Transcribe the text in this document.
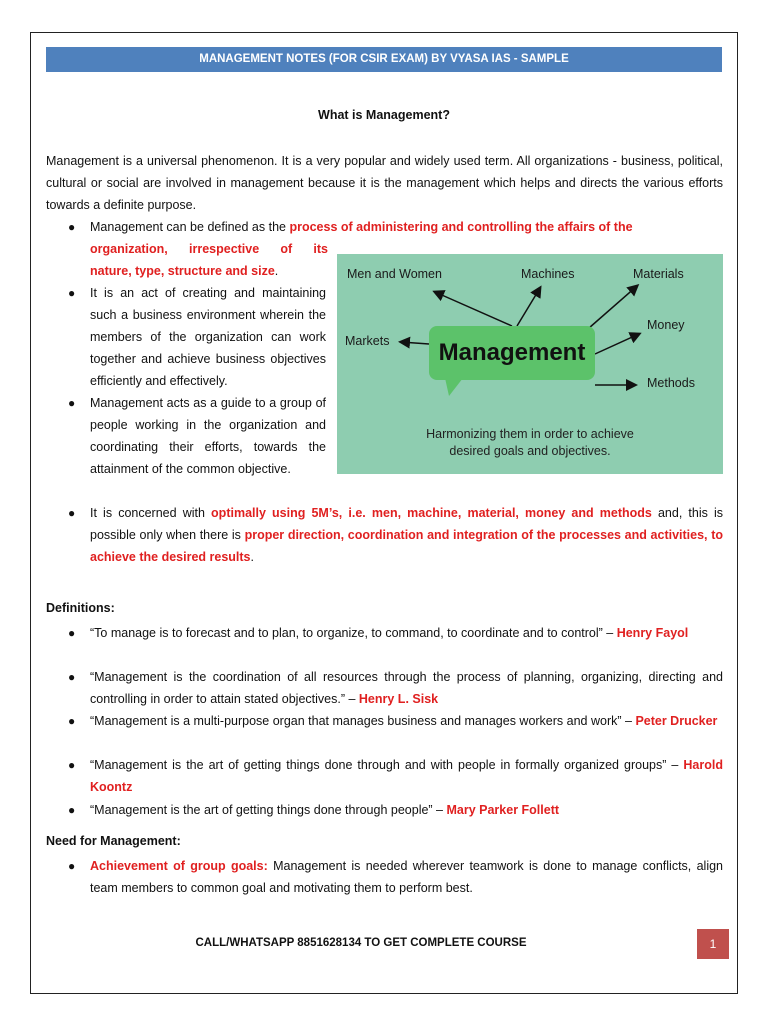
MANAGEMENT NOTES (FOR CSIR EXAM) BY VYASA IAS - SAMPLE
What is Management?
Management is a universal phenomenon. It is a very popular and widely used term. All organizations - business, political, cultural or social are involved in management because it is the management which helps and directs the various efforts towards a definite purpose.
● Management can be defined as the process of administering and controlling the affairs of the
organization, irrespective of its
nature, type, structure and size.
● It is an act of creating and maintaining such a business environment wherein the members of the organization can work together and achieve business objectives efficiently and effectively.
● Management acts as a guide to a group of people working in the organization and coordinating their efforts, towards the attainment of the common objective.
Men and Women	Machines	Materials
Money
Markets
Methods
Management
Harmonizing them in order to achieve
desired goals and objectives.
● It is concerned with optimally using 5M’s, i.e. men, machine, material, money and methods and, this is possible only when there is proper direction, coordination and integration of the processes and activities, to achieve the desired results.
Definitions:
● “To manage is to forecast and to plan, to organize, to command, to coordinate and to control” – Henry Fayol
● “Management is the coordination of all resources through the process of planning, organizing, directing and controlling in order to attain stated objectives.” – Henry L. Sisk
● “Management is a multi-purpose organ that manages business and manages workers and work” – Peter Drucker
● “Management is the art of getting things done through and with people in formally organized groups” – Harold Koontz
● “Management is the art of getting things done through people” – Mary Parker Follett
Need for Management:
● Achievement of group goals: Management is needed wherever teamwork is done to manage conflicts, align team members to common goal and motivating them to perform best.
CALL/WHATSAPP 8851628134 TO GET COMPLETE COURSE	1
